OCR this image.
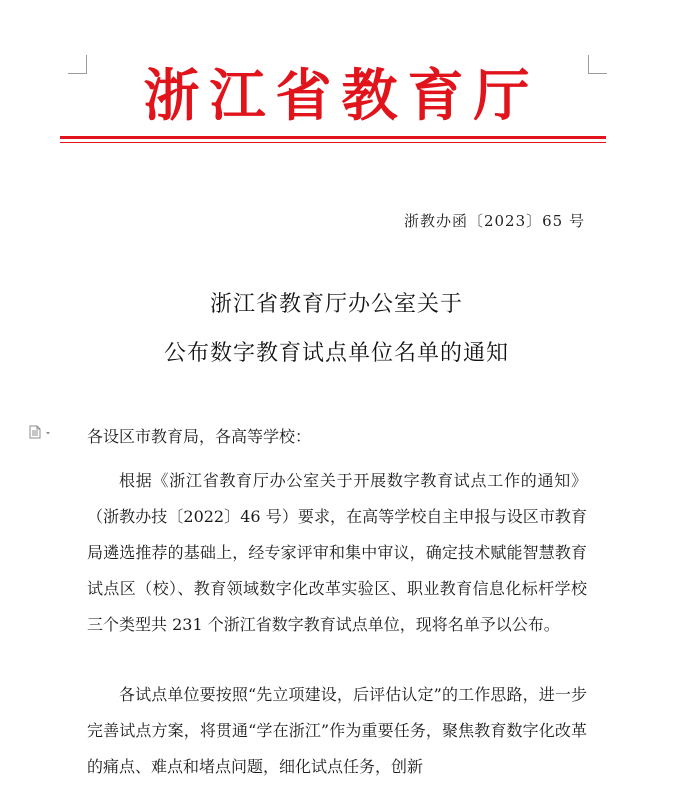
浙江省教育厅
浙教办函〔2023〕65 号
浙江省教育厅办公室关于
公布数字教育试点单位名单的通知
各设区市教育局，各高等学校：

根据《浙江省教育厅办公室关于开展数字教育试点工作的通知》（浙教办技〔2022〕46 号）要求，在高等学校自主申报与设区市教育局遴选推荐的基础上，经专家评审和集中审议，确定技术赋能智慧教育试点区（校）、教育领域数字化改革实验区、职业教育信息化标杆学校三个类型共 231 个浙江省数字教育试点单位，现将名单予以公布。

各试点单位要按照“先立项建设，后评估认定”的工作思路，进一步完善试点方案，将贯通“学在浙江”作为重要任务，聚焦教育数字化改革的痛点、难点和堵点问题，细化试点任务，创新
